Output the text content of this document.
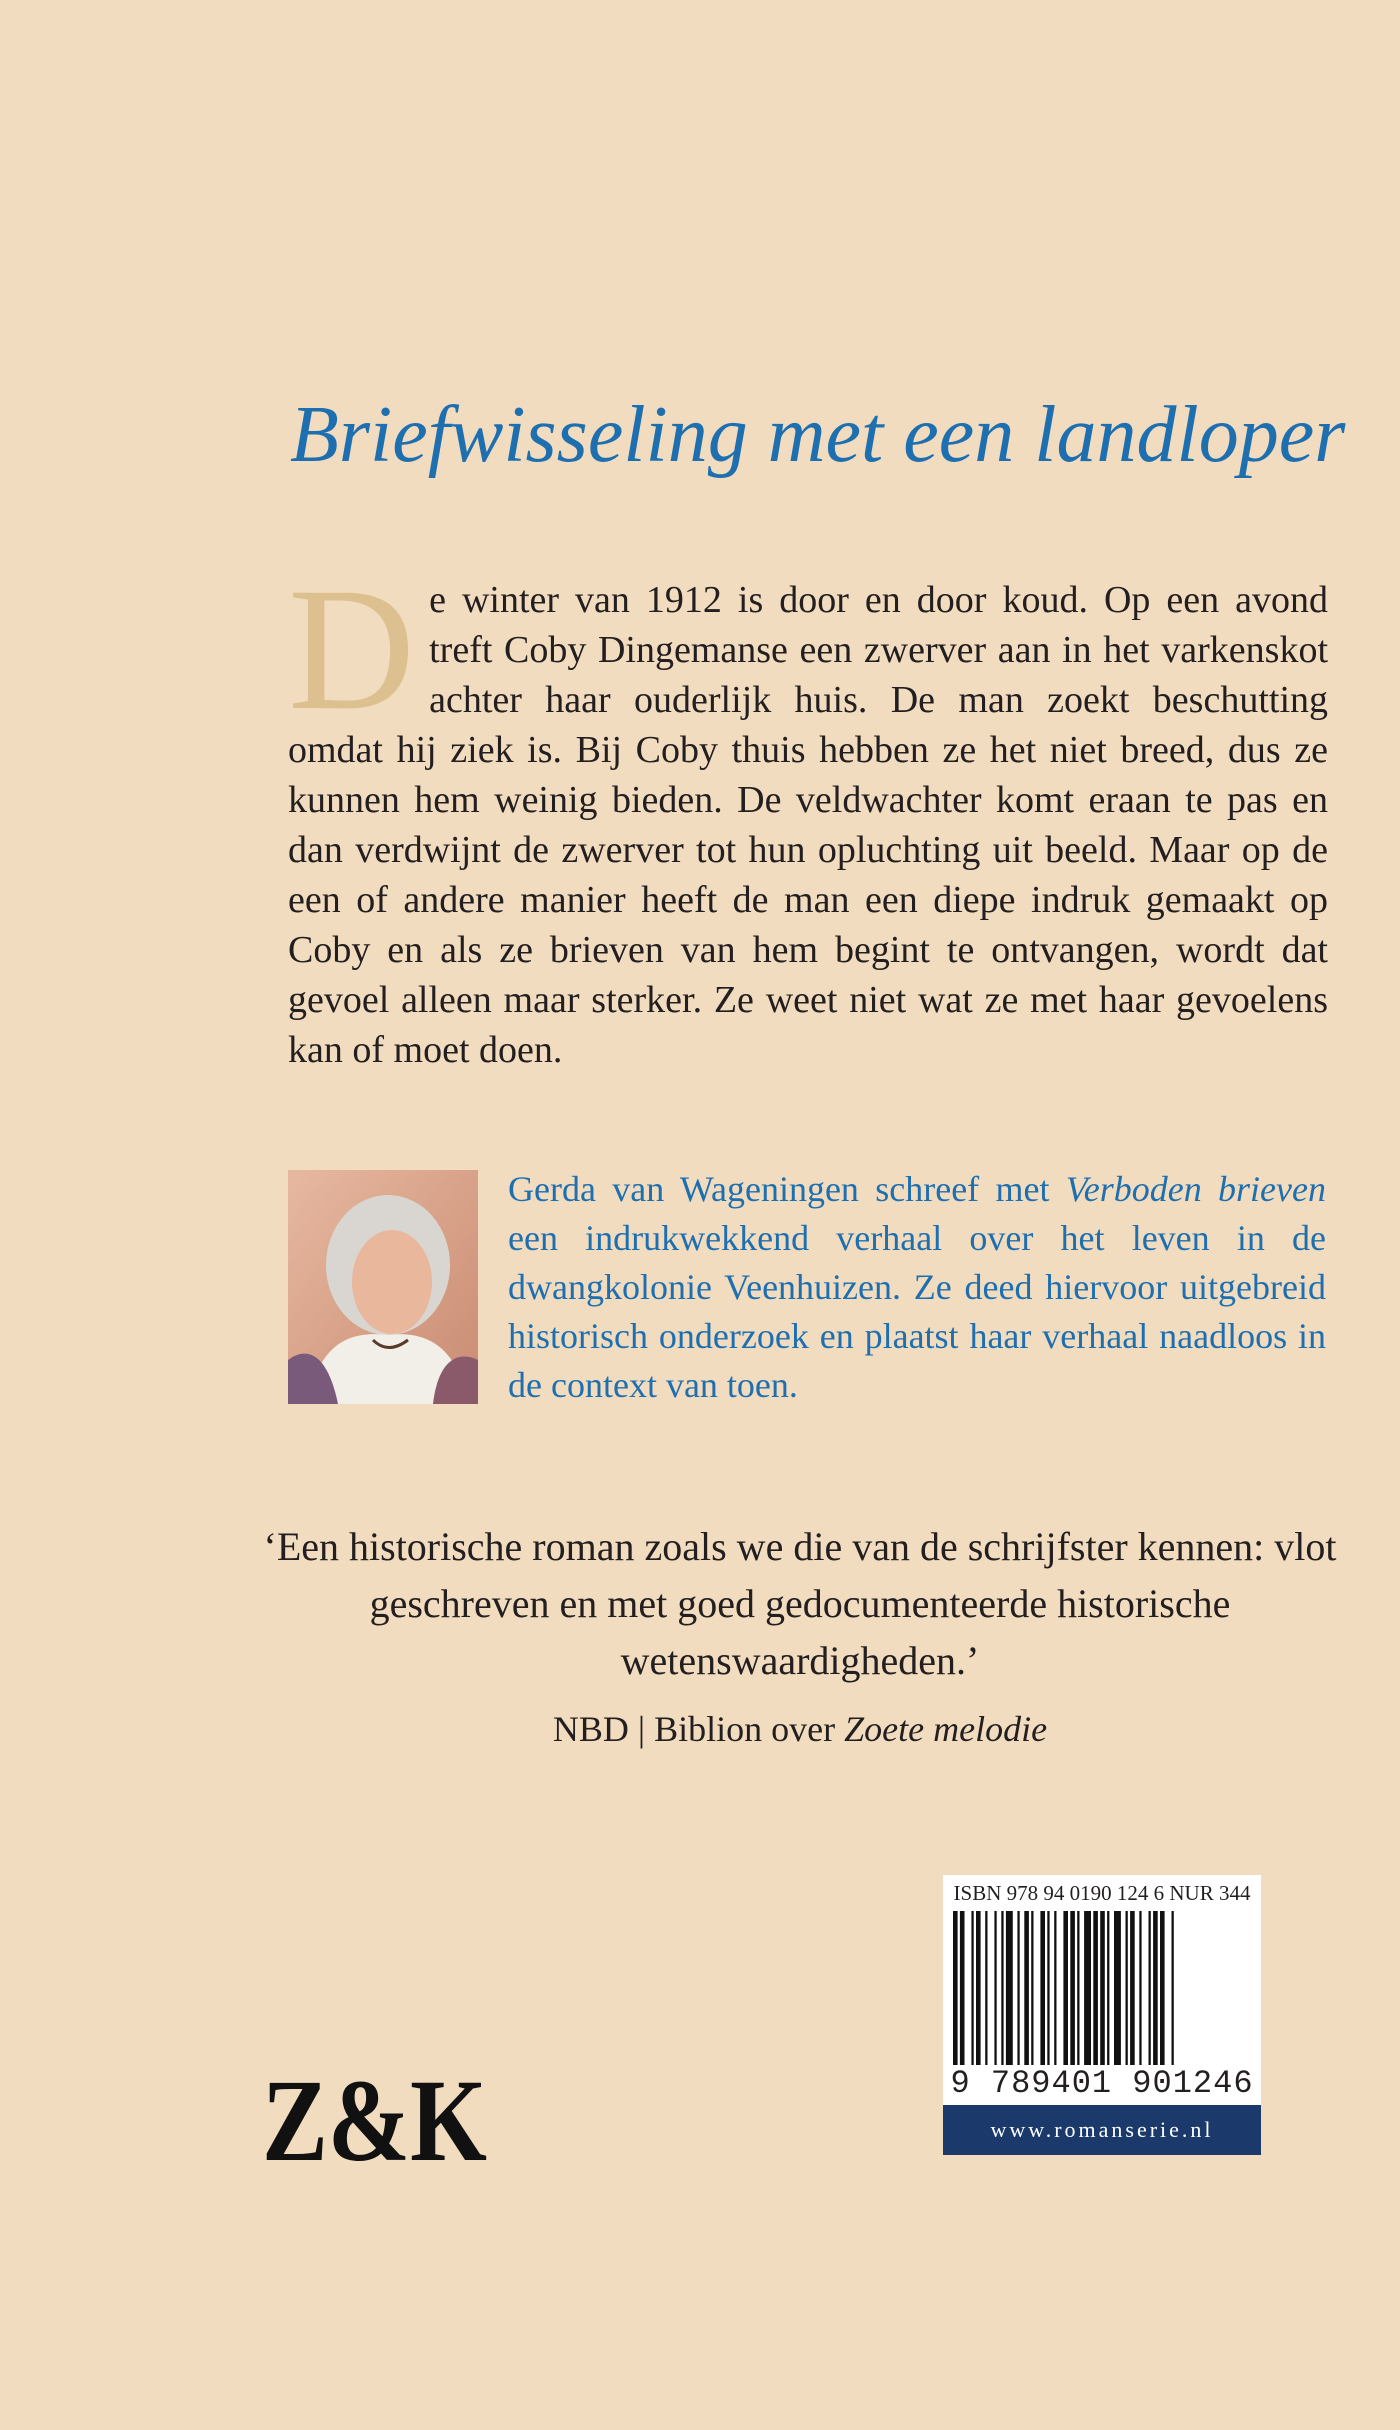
Briefwisseling met een landloper
De winter van 1912 is door en door koud. Op een avond treft Coby Dingemanse een zwerver aan in het varkenskot achter haar ouderlijk huis. De man zoekt beschutting omdat hij ziek is. Bij Coby thuis hebben ze het niet breed, dus ze kunnen hem weinig bieden. De veldwachter komt eraan te pas en dan verdwijnt de zwerver tot hun opluchting uit beeld. Maar op de een of andere manier heeft de man een diepe indruk gemaakt op Coby en als ze brieven van hem begint te ontvangen, wordt dat gevoel alleen maar sterker. Ze weet niet wat ze met haar gevoelens kan of moet doen.
Gerda van Wageningen schreef met Verboden brieven een indrukwekkend verhaal over het leven in de dwangkolonie Veenhuizen. Ze deed hiervoor uitgebreid historisch onderzoek en plaatst haar verhaal naadloos in de context van toen.
‘Een historische roman zoals we die van de schrijfster kennen: vlot geschreven en met goed gedocumenteerde historische wetenswaardigheden.’
NBD | Biblion over Zoete melodie
ISBN 978 94 0190 124 6 NUR 344
9 789401 901246
www.romanserie.nl
Z&K
